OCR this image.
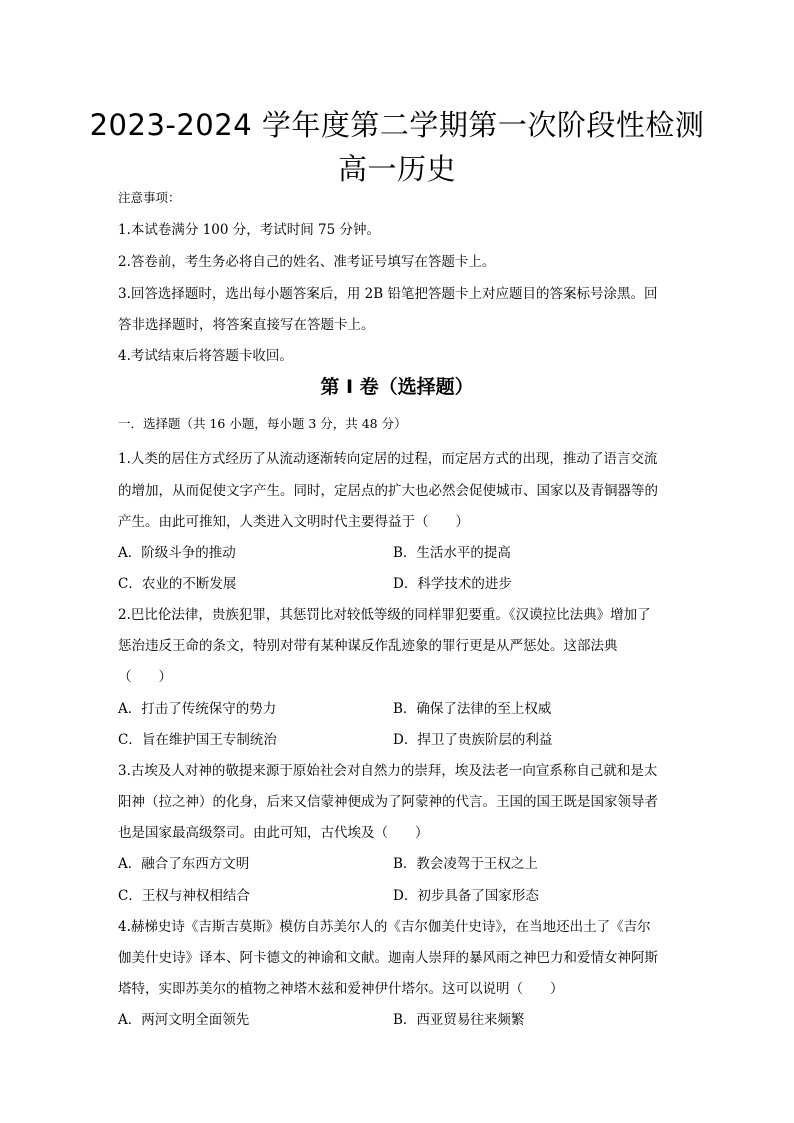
2023-2024 学年度第二学期第一次阶段性检测
高一历史
注意事项：
1.本试卷满分 100 分，考试时间 75 分钟。
2.答卷前，考生务必将自己的姓名、准考证号填写在答题卡上。
3.回答选择题时，选出每小题答案后，用 2B 铅笔把答题卡上对应题目的答案标号涂黑。回
答非选择题时，将答案直接写在答题卡上。
4.考试结束后将答题卡收回。
第 I 卷（选择题）
一．选择题（共 16 小题，每小题 3 分，共 48 分）
1.人类的居住方式经历了从流动逐渐转向定居的过程，而定居方式的出现，推动了语言交流
的增加，从而促使文字产生。同时，定居点的扩大也必然会促使城市、国家以及青铜器等的
产生。由此可推知，人类进入文明时代主要得益于（　　）
A．阶级斗争的推动	B．生活水平的提高
C．农业的不断发展	D．科学技术的进步
2.巴比伦法律，贵族犯罪，其惩罚比对较低等级的同样罪犯要重。《汉谟拉比法典》增加了
惩治违反王命的条文，特别对带有某种谋反作乱迹象的罪行更是从严惩处。这部法典
（　　）
A．打击了传统保守的势力	B．确保了法律的至上权威
C．旨在维护国王专制统治	D．捍卫了贵族阶层的利益
3.古埃及人对神的敬提来源于原始社会对自然力的崇拜，埃及法老一向宣系称自己就和是太
阳神（拉之神）的化身，后来又信蒙神便成为了阿蒙神的代言。王国的国王既是国家领导者
也是国家最高级祭司。由此可知，古代埃及（　　）
A．融合了东西方文明	B．教会凌驾于王权之上
C．王权与神权相结合	D．初步具备了国家形态
4.赫梯史诗《吉斯吉莫斯》模仿自苏美尔人的《吉尔伽美什史诗》，在当地还出土了《吉尔
伽美什史诗》译本、阿卡德文的神谕和文献。迦南人崇拜的暴风雨之神巴力和爱情女神阿斯
塔特，实即苏美尔的植物之神塔木兹和爱神伊什塔尔。这可以说明（　　）
A．两河文明全面领先	B．西亚贸易往来频繁
